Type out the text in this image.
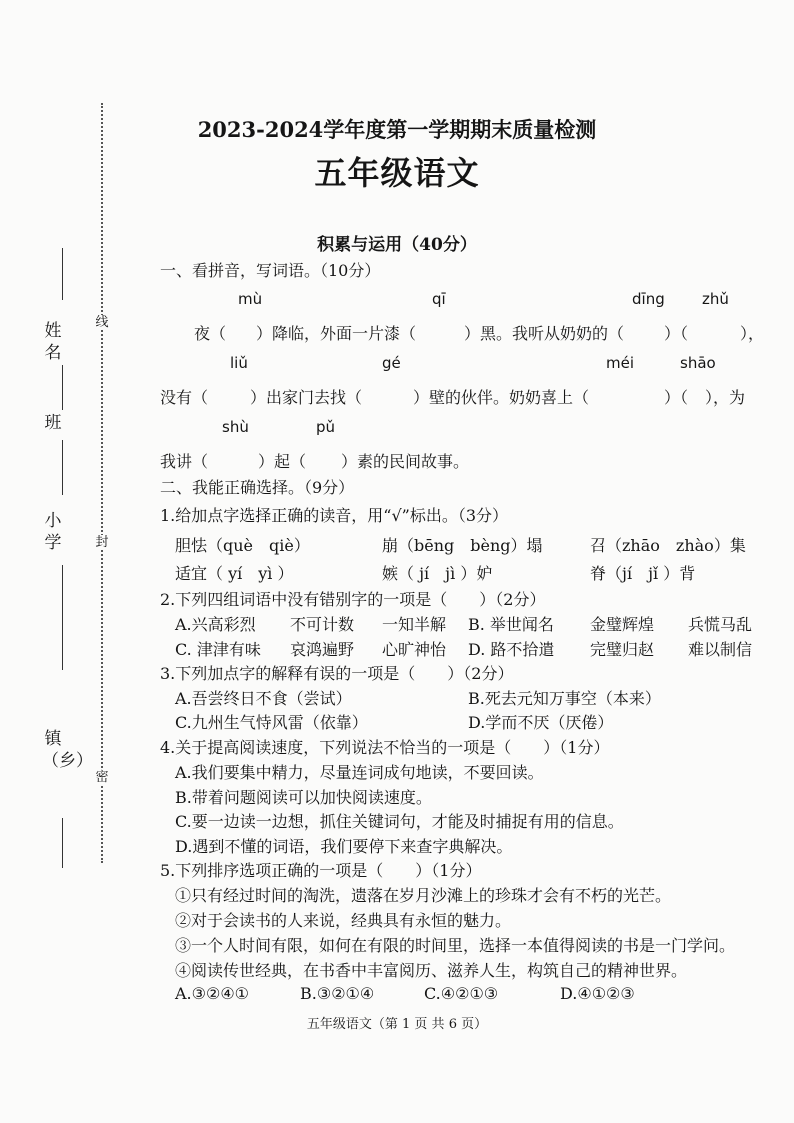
线
封
密
姓名
班
小学
镇（乡）
2023-2024学年度第一学期期末质量检测
五年级语文
积累与运用（40分）
一、看拼音，写词语。（10分）
mù	qī	dīng zhǔ
夜（ ）降临，外面一片漆（	）黑。我听从奶奶的（ ）（	），
liǔ	gé	méi	shāo
没有（	）出家门去找（	）壁的伙伴。奶奶喜上（	）（ ），为
shù	pǔ
我讲（	）起（ ）素的民间故事。
二、我能正确选择。（9分）
1.给加点字选择正确的读音，用“√”标出。（3分）
胆怯（què　qiè）	崩（bēng　bèng）塌	召（zhāo　zhào）集
适宜（ yí　yì ）	嫉（ jí　jì ）妒	脊（jí　jǐ ）背
2.下列四组词语中没有错别字的一项是（　　）（2分）
A.兴高彩烈 不可计数 一知半解 B. 举世闻名 金璧辉煌 兵慌马乱
C. 津津有味 哀鸿遍野 心旷神怡 D. 路不拾遣 完璧归赵 难以制信
3.下列加点字的解释有误的一项是（　　）（2分）
A.吾尝终日不食（尝试）	B.死去元知万事空（本来）
C.九州生气恃风雷（依靠）	D.学而不厌（厌倦）
4.关于提高阅读速度，下列说法不恰当的一项是（　　）（1分）
A.我们要集中精力，尽量连词成句地读，不要回读。
B.带着问题阅读可以加快阅读速度。
C.要一边读一边想，抓住关键词句，才能及时捕捉有用的信息。
D.遇到不懂的词语，我们要停下来查字典解决。
5.下列排序选项正确的一项是（　　）（1分）
①只有经过时间的淘洗，遗落在岁月沙滩上的珍珠才会有不朽的光芒。
②对于会读书的人来说，经典具有永恒的魅力。
③一个人时间有限，如何在有限的时间里，选择一本值得阅读的书是一门学问。
④阅读传世经典，在书香中丰富阅历、滋养人生，构筑自己的精神世界。
A.③②④①	B.③②①④	C.④②①③	D.④①②③
五年级语文（第 1 页 共 6 页）
